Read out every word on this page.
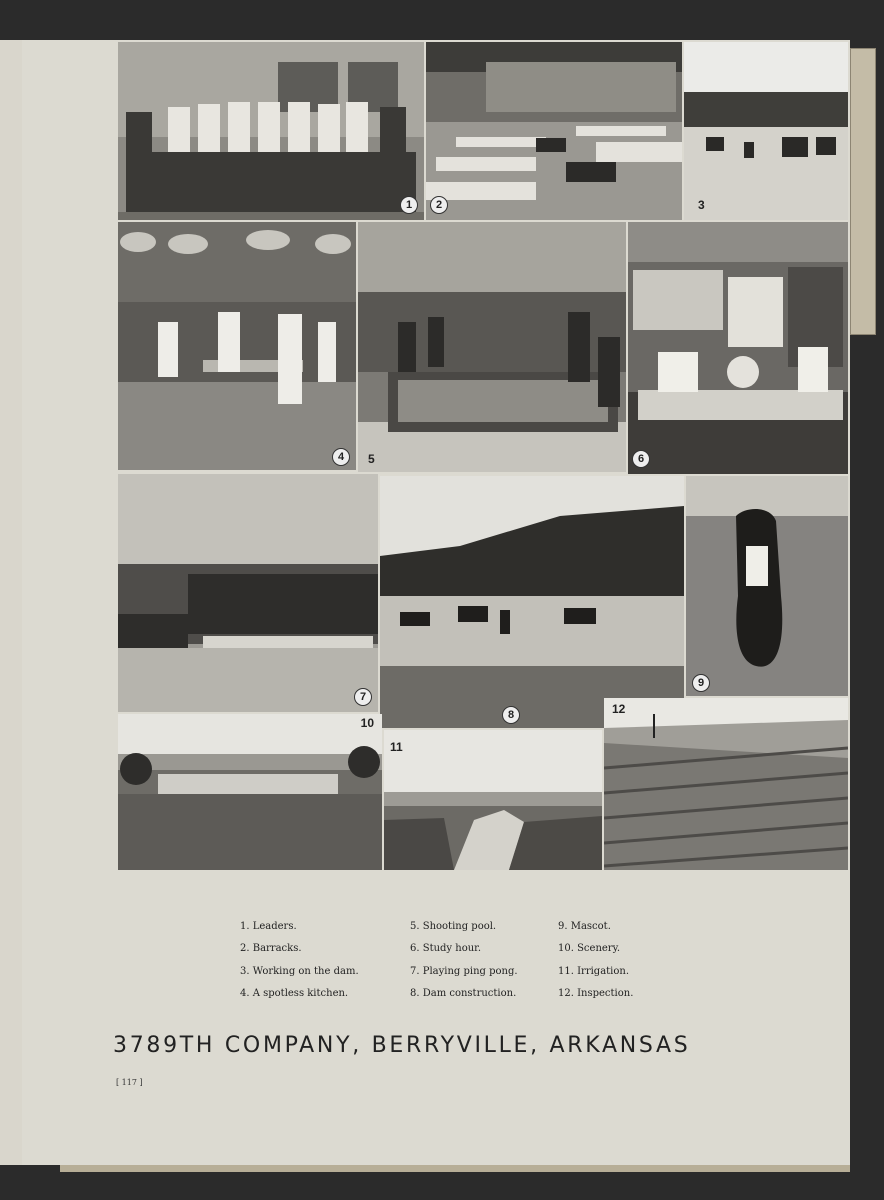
1	2	3
4	5	6
7
8
9
10
11
12
1. Leaders.
2. Barracks.
3. Working on the dam.
4. A spotless kitchen.
5. Shooting pool.
6. Study hour.
7. Playing ping pong.
8. Dam construction.
9. Mascot.
10. Scenery.
11. Irrigation.
12. Inspection.
3789TH COMPANY, BERRYVILLE, ARKANSAS
[ 117 ]
